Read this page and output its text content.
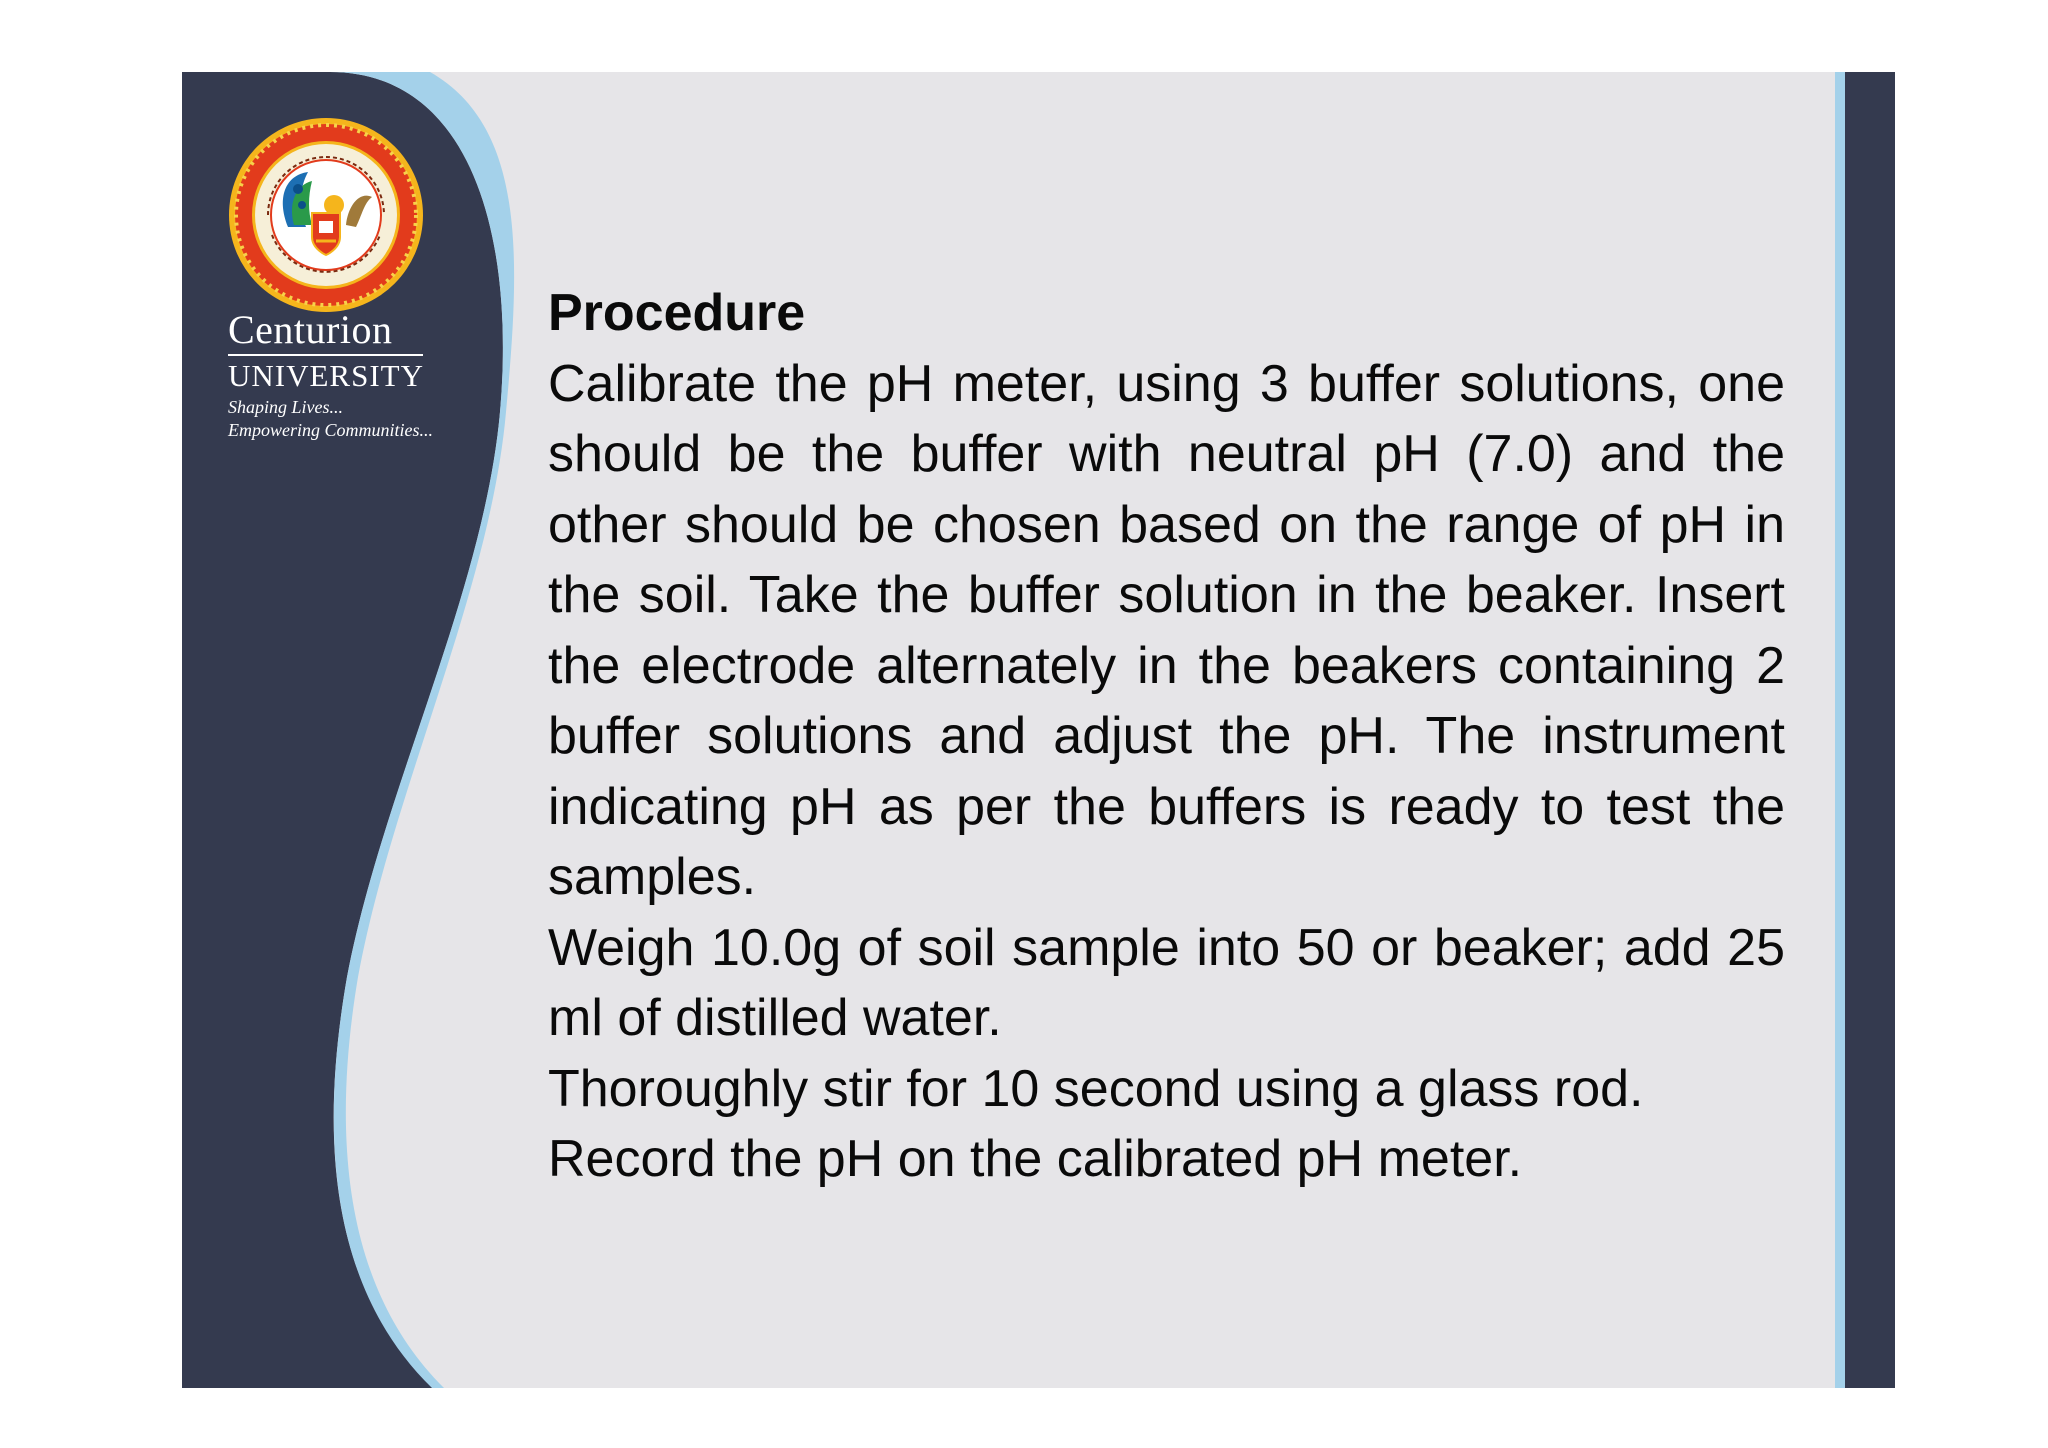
Centurion
UNIVERSITY
Shaping Lives...
Empowering Communities...
Procedure

Calibrate the pH meter, using 3 buffer solutions, one should be the buffer with neutral pH (7.0) and the other should be chosen based on the range of pH in the soil. Take the buffer solution in the beaker. Insert the electrode alternately in the beakers containing 2 buffer solutions and adjust the pH. The instrument indicating pH as per the buffers is ready to test the samples.

Weigh 10.0g of soil sample into 50 or beaker; add 25 ml of distilled water.

Thoroughly stir for 10 second using a glass rod.

Record the pH on the calibrated pH meter.
